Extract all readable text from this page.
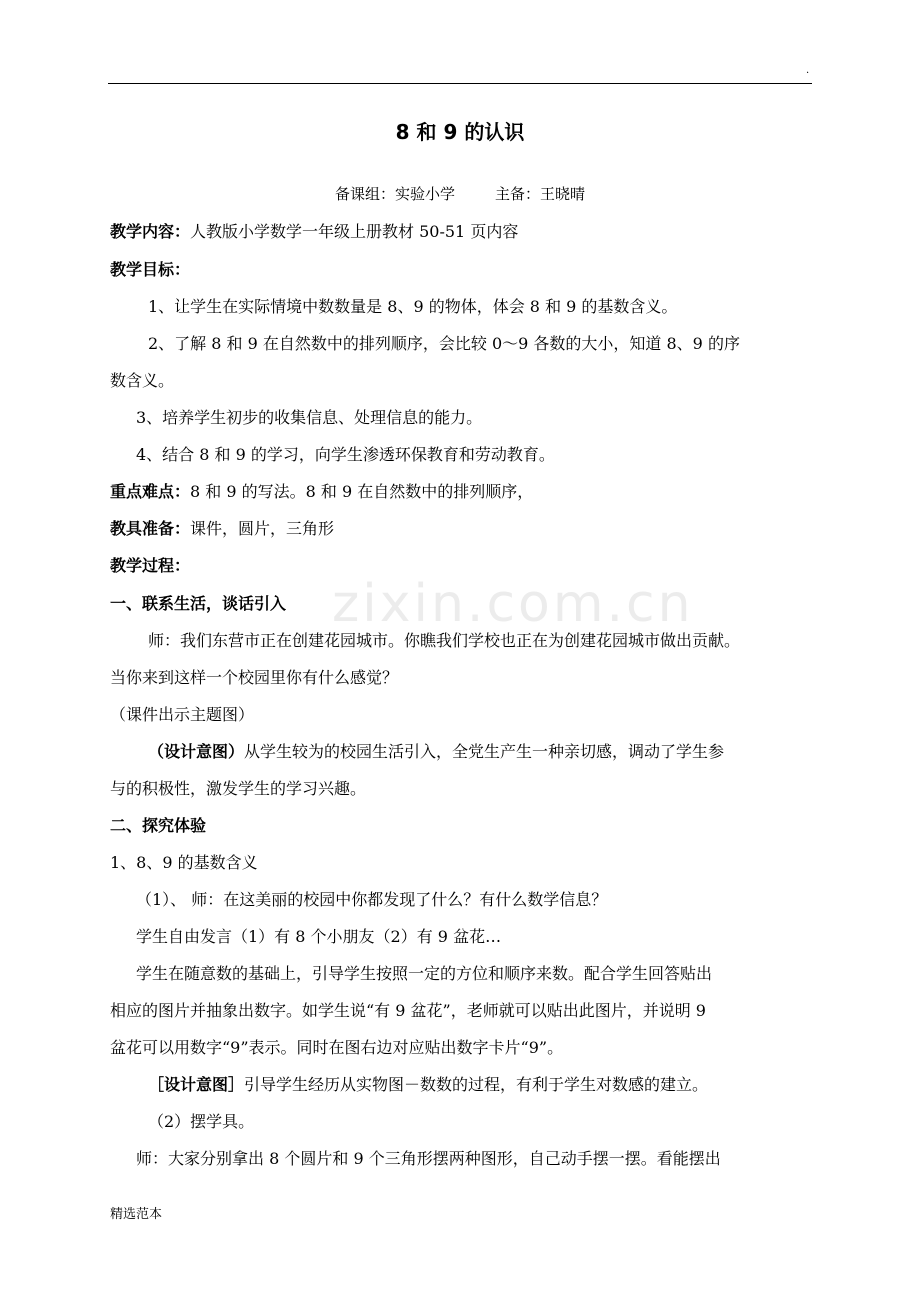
.
zixin.com.cn
8 和 9 的认识
备课组：实验小学	主备：王晓晴
教学内容：人教版小学数学一年级上册教材 50-51 页内容
教学目标：
1、让学生在实际情境中数数量是 8、9 的物体，体会 8 和 9 的基数含义。
2、了解 8 和 9 在自然数中的排列顺序，会比较 0～9 各数的大小，知道 8、9 的序
数含义。
3、培养学生初步的收集信息、处理信息的能力。
4、结合 8 和 9 的学习，向学生渗透环保教育和劳动教育。
重点难点：8 和 9 的写法。8 和 9 在自然数中的排列顺序，
教具准备：课件，圆片，三角形
教学过程：
一、联系生活，谈话引入
师：我们东营市正在创建花园城市。你瞧我们学校也正在为创建花园城市做出贡献。
当你来到这样一个校园里你有什么感觉？
（课件出示主题图）
（设计意图）从学生较为的校园生活引入，全党生产生一种亲切感，调动了学生参
与的积极性，激发学生的学习兴趣。
二、探究体验
1、8、9 的基数含义
（1）、 师：在这美丽的校园中你都发现了什么？有什么数学信息？
学生自由发言（1）有 8 个小朋友（2）有 9 盆花…
学生在随意数的基础上，引导学生按照一定的方位和顺序来数。配合学生回答贴出
相应的图片并抽象出数字。如学生说“有 9 盆花”，老师就可以贴出此图片，并说明 9
盆花可以用数字“9”表示。同时在图右边对应贴出数字卡片“9”。
［设计意图］引导学生经历从实物图－数数的过程，有利于学生对数感的建立。
（2）摆学具。
师：大家分别拿出 8 个圆片和 9 个三角形摆两种图形，自己动手摆一摆。看能摆出
精选范本
